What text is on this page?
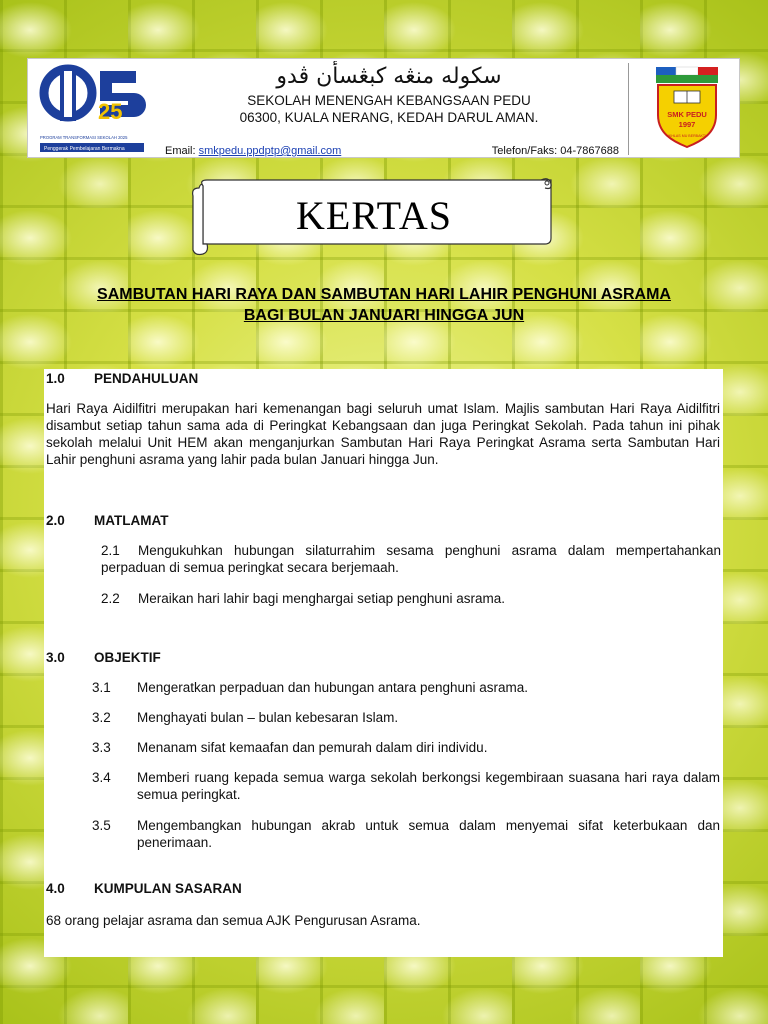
25
PROGRAM TRANSFORMASI SEKOLAH 2025
Penggerak Pembelajaran Bermakna
سكوله منڠه كبڠسأن ڤدو
SEKOLAH MENENGAH KEBANGSAAN PEDU
06300, KUALA NERANG, KEDAH DARUL AMAN.
Email: smkpedu.ppdptp@gmail.com	Telefon/Faks: 04-7867688
SMK PEDU
1997
IKHLAS MU BERBAKTI
KERTAS
SAMBUTAN HARI RAYA DAN SAMBUTAN HARI LAHIR PENGHUNI ASRAMA
BAGI BULAN JANUARI HINGGA JUN
1.0 PENDAHULUAN
Hari Raya Aidilfitri merupakan hari kemenangan bagi seluruh umat Islam. Majlis sambutan Hari Raya Aidilfitri disambut setiap tahun sama ada di Peringkat Kebangsaan dan juga Peringkat Sekolah. Pada tahun ini pihak sekolah melalui Unit HEM akan menganjurkan Sambutan Hari Raya Peringkat Asrama serta Sambutan Hari Lahir penghuni asrama yang lahir pada bulan Januari hingga Jun.
2.0 MATLAMAT
2.1 Mengukuhkan hubungan silaturrahim sesama penghuni asrama dalam mempertahankan perpaduan di semua peringkat secara berjemaah.
2.2 Meraikan hari lahir bagi menghargai setiap penghuni asrama.
3.0 OBJEKTIF
3.1 Mengeratkan perpaduan dan hubungan antara penghuni asrama.
3.2 Menghayati bulan – bulan kebesaran Islam.
3.3 Menanam sifat kemaafan dan pemurah dalam diri individu.
3.4 Memberi ruang kepada semua warga sekolah berkongsi kegembiraan suasana hari raya dalam semua peringkat.
3.5 Mengembangkan hubungan akrab untuk semua dalam menyemai sifat keterbukaan dan penerimaan.
4.0 KUMPULAN SASARAN
68 orang pelajar asrama dan semua AJK Pengurusan Asrama.
